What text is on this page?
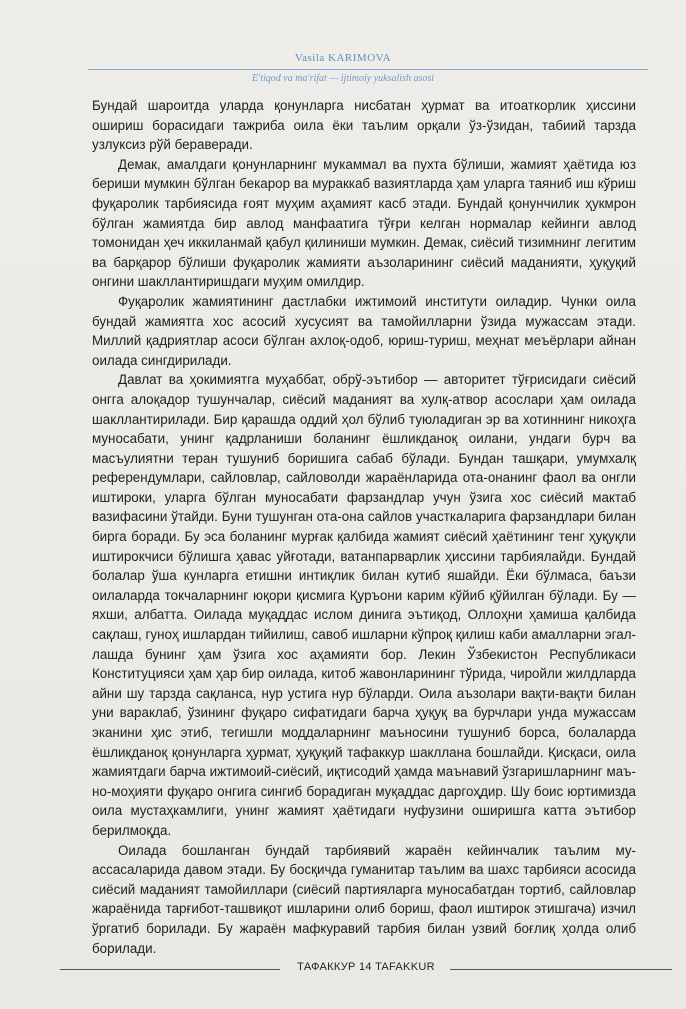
Vasila KARIMOVA
E'tiqod va ma'rifat — ijtimoiy yuksalish asosi

Бундай шароитда уларда қонунларга нисбатан ҳурмат ва итоаткорлик ҳиссини ошириш борасидаги тажриба оила ёки таълим орқали ўз-ўзидан, табиий тарзда узлуксиз рўй бераверади.

Демак, амалдаги қонунларнинг мукаммал ва пухта бўлиши, жамият ҳаётида юз бериши мумкин бўлган бекарор ва мураккаб вазиятларда ҳам уларга таяниб иш кўриш фуқаролик тарбиясида ғоят муҳим аҳамият касб этади. Бундай қонунчилик ҳукмрон бўлган жамиятда бир авлод манфаатига тўғри келган нормалар кейинги авлод томонидан ҳеч иккиланмай қабул қилиниши мумкин. Демак, сиёсий тизимнинг легитим ва барқарор бўлиши фуқаролик жамияти аъзоларининг сиёсий маданияти, ҳуқуқий онгини шакллантиришдаги муҳим омилдир.

Фуқаролик жамиятининг дастлабки ижтимоий институти оиладир. Чунки оила бундай жамиятга хос асосий хусусият ва тамойилларни ўзида мужассам этади. Миллий қадриятлар асоси бўлган ахлоқ-одоб, юриш-туриш, меҳнат меъёрлари айнан оилада сингдирилади.

Давлат ва ҳокимиятга муҳаббат, обрў-эътибор — авторитет тўғрисидаги сиёсий онгга алоқадор тушунчалар, сиёсий маданият ва хулқ-атвор асослари ҳам оилада шакллантирилади. Бир қарашда оддий ҳол бўлиб туюладиган эр ва хотиннинг никоҳга муносабати, унинг қадрланиши боланинг ёшликданоқ оилани, ундаги бурч ва масъулиятни теран тушуниб боришига сабаб бўлади. Бундан ташқари, умумхалқ референдумлари, сайловлар, сайловолди жараёнларида ота-онанинг фаол ва онгли иштироки, уларга бўлган муносабати фарзандлар учун ўзига хос сиёсий мактаб вазифасини ўтайди. Буни тушунган ота-она сайлов участкаларига фарзандлари билан бирга боради. Бу эса боланинг мурғак қалбида жамият сиёсий ҳаётининг тенг ҳуқуқли иштирокчиси бўлишга ҳавас уйғотади, ватанпарварлик ҳиссини тарбиялайди. Бундай болалар ўша кунларга етишни интиқлик билан кутиб яшайди. Ёки бўлмаса, баъзи оилаларда токчаларнинг юқори қисмига Қуръони карим кўйиб қўйилган бўлади. Бу — яхши, албатта. Оилада муқаддас ислом динига эътиқод, Оллоҳни ҳамиша қалбида сақлаш, гуноҳ ишлардан тийилиш, савоб ишларни кўпроқ қилиш каби амалларни эгаллашда бунинг ҳам ўзига хос аҳамияти бор. Лекин Ўзбекистон Республикаси Конституцияси ҳам ҳар бир оилада, китоб жавонларининг тўрида, чиройли жилдларда айни шу тарзда сақланса, нур устига нур бўларди. Оила аъзолари вақти-вақти билан уни вараклаб, ўзининг фуқаро сифатидаги барча ҳуқуқ ва бурчлари унда мужассам эканини ҳис этиб, тегишли моддаларнинг маъносини тушуниб борса, болаларда ёшликданоқ қонунларга ҳурмат, ҳуқуқий тафаккур шакллана бошлайди. Қисқаси, оила жамиятдаги барча ижтимоий-сиёсий, иқтисодий ҳамда маънавий ўзгаришларнинг маъно-моҳияти фуқаро онгига сингиб борадиган муқаддас даргоҳдир. Шу боис юртимизда оила мустаҳкамлиги, унинг жамият ҳаётидаги нуфузини оширишга катта эътибор берилмоқда.

Оилада бошланган бундай тарбиявий жараён кейинчалик таълим муассасаларида давом этади. Бу босқичда гуманитар таълим ва шахс тарбияси асосида сиёсий маданият тамойиллари (сиёсий партияларга муносабатдан тортиб, сайловлар жараёнида тарғибот-ташвиқот ишларини олиб бориш, фаол иштирок этишгача) изчил ўргатиб борилади. Бу жараён мафкуравий тарбия билан узвий боғлиқ ҳолда олиб борилади.

ТАФАККУР 14 TAFAKKUR
